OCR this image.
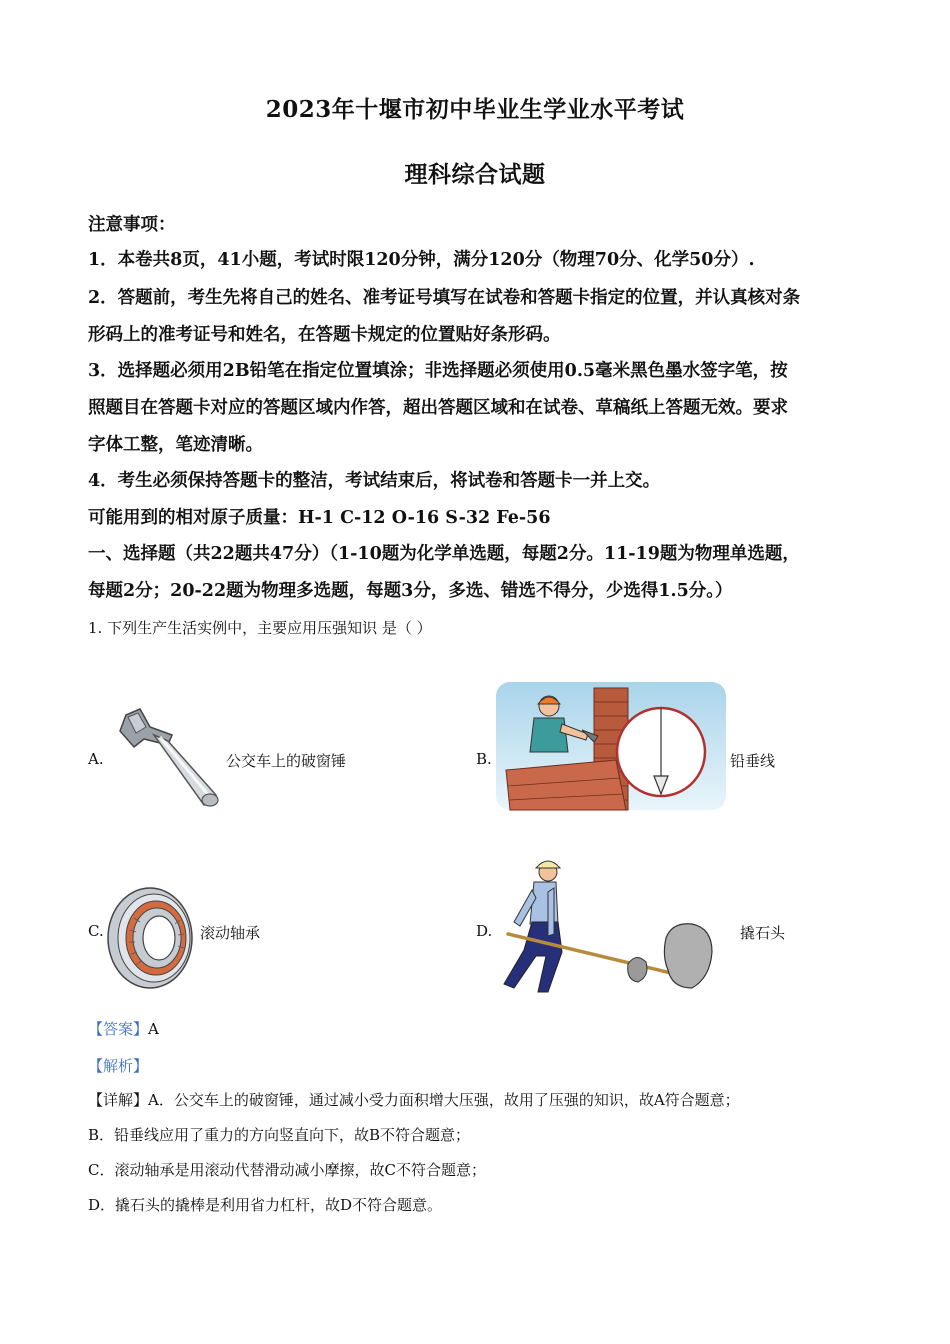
2023年十堰市初中毕业生学业水平考试
理科综合试题
注意事项：
1．本卷共8页，41小题，考试时限120分钟，满分120分（物理70分、化学50分）.
2．答题前，考生先将自己的姓名、准考证号填写在试卷和答题卡指定的位置，并认真核对条
形码上的准考证号和姓名，在答题卡规定的位置贴好条形码。
3．选择题必须用2B铅笔在指定位置填涂；非选择题必须使用0.5毫米黑色墨水签字笔，按
照题目在答题卡对应的答题区域内作答，超出答题区域和在试卷、草稿纸上答题无效。要求
字体工整，笔迹清晰。
4．考生必须保持答题卡的整洁，考试结束后，将试卷和答题卡一并上交。
可能用到的相对原子质量：H-1 C-12 O-16 S-32 Fe-56
一、选择题（共22题共47分）（1-10题为化学单选题，每题2分。11-19题为物理单选题，
每题2分；20-22题为物理多选题，每题3分，多选、错选不得分，少选得1.5分。）
1. 下列生产生活实例中，主要应用压强知识 是（ ）
A.	公交车上的破窗锤	B.	铅垂线
C.	滚动轴承	D.	撬石头
【答案】A
【解析】
【详解】A．公交车上的破窗锤，通过减小受力面积增大压强，故用了压强的知识，故A符合题意；
B．铅垂线应用了重力的方向竖直向下，故B不符合题意；
C．滚动轴承是用滚动代替滑动减小摩擦，故C不符合题意；
D．撬石头的撬棒是利用省力杠杆，故D不符合题意。
